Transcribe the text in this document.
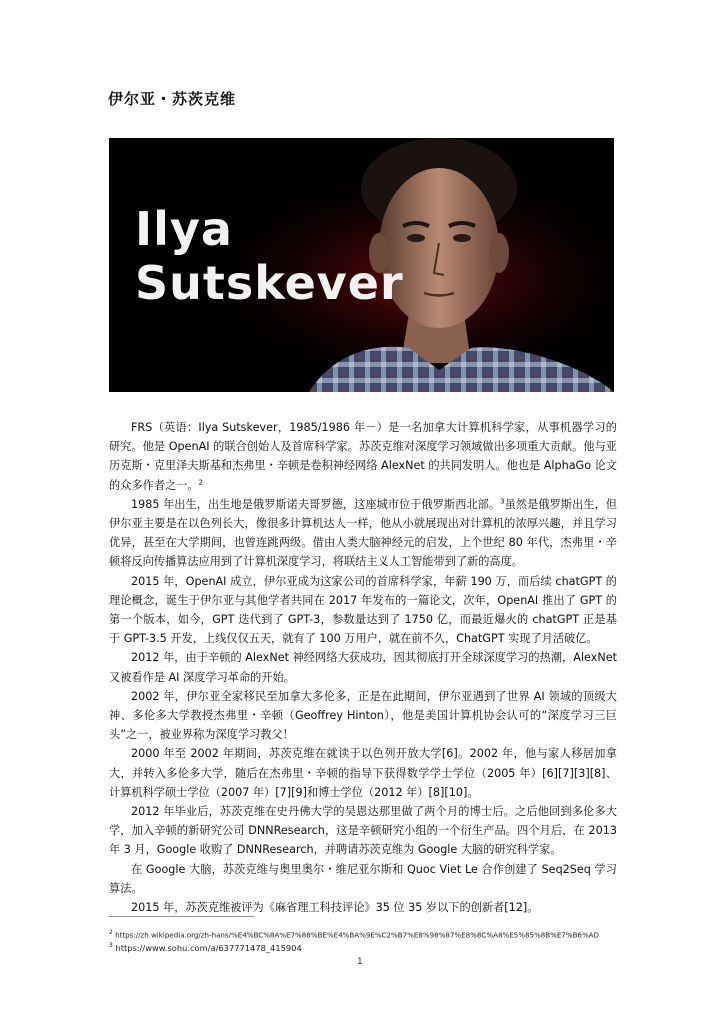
伊尔亚・苏茨克维
Ilya
Sutskever

FRS（英语：Ilya Sutskever，1985/1986 年－）是一名加拿大计算机科学家，从事机器学习的研究。他是 OpenAI 的联合创始人及首席科学家。苏茨克维对深度学习领域做出多项重大贡献。他与亚历克斯・克里泽夫斯基和杰弗里・辛顿是卷积神经网络 AlexNet 的共同发明人。他也是 AlphaGo 论文的众多作者之一。$^2$

1985 年出生，出生地是俄罗斯诺夫哥罗德，这座城市位于俄罗斯西北部。$^3$虽然是俄罗斯出生，但伊尔亚主要是在以色列长大，像很多计算机达人一样，他从小就展现出对计算机的浓厚兴趣，并且学习优异，甚至在大学期间，也曾连跳两级。借由人类大脑神经元的启发，上个世纪 80 年代，杰弗里・辛顿将反向传播算法应用到了计算机深度学习，将联结主义人工智能带到了新的高度。

2015 年，OpenAI 成立，伊尔亚成为这家公司的首席科学家，年薪 190 万，而后续 chatGPT 的理论概念，诞生于伊尔亚与其他学者共同在 2017 年发布的一篇论文，次年，OpenAI 推出了 GPT 的第一个版本，如今，GPT 迭代到了 GPT-3，参数量达到了 1750 亿，而最近爆火的 chatGPT 正是基于 GPT-3.5 开发，上线仅仅五天，就有了 100 万用户，就在前不久，ChatGPT 实现了月活破亿。

2012 年，由于辛顿的 AlexNet 神经网络大获成功，因其彻底打开全球深度学习的热潮，AlexNet 又被看作是 AI 深度学习革命的开始。

2002 年，伊尔亚全家移民至加拿大多伦多，正是在此期间，伊尔亚遇到了世界 AI 领域的顶级大神、多伦多大学教授杰弗里・辛顿（Geoffrey Hinton），他是美国计算机协会认可的“深度学习三巨头”之一，被业界称为深度学习教父！

2000 年至 2002 年期间，苏茨克维在就读于以色列开放大学[6]。2002 年，他与家人移居加拿大，并转入多伦多大学，随后在杰弗里・辛顿的指导下获得数学学士学位（2005 年）[6][7][3][8]、计算机科学硕士学位（2007 年）[7][9]和博士学位（2012 年）[8][10]。

2012 年毕业后，苏茨克维在史丹佛大学的吴恩达那里做了两个月的博士后。之后他回到多伦多大学，加入辛顿的新研究公司 DNNResearch，这是辛顿研究小组的一个衍生产品。四个月后，在 2013 年 3 月，Google 收购了 DNNResearch，并聘请苏茨克维为 Google 大脑的研究科学家。

在 Google 大脑，苏茨克维与奥里奥尔・维尼亚尔斯和 Quoc Viet Le 合作创建了 Seq2Seq 学习算法。

2015 年，苏茨克维被评为《麻省理工科技评论》35 位 35 岁以下的创新者[12]。

$^2$ https://zh.wikipedia.org/zh-hans/%E4%BC%8A%E7%88%BE%E4%BA%9E%C2%B7%E8%98%87%E8%8C%A8%E5%85%8B%E7%B6%AD
$^3$ https://www.sohu.com/a/637771478_415904
1
